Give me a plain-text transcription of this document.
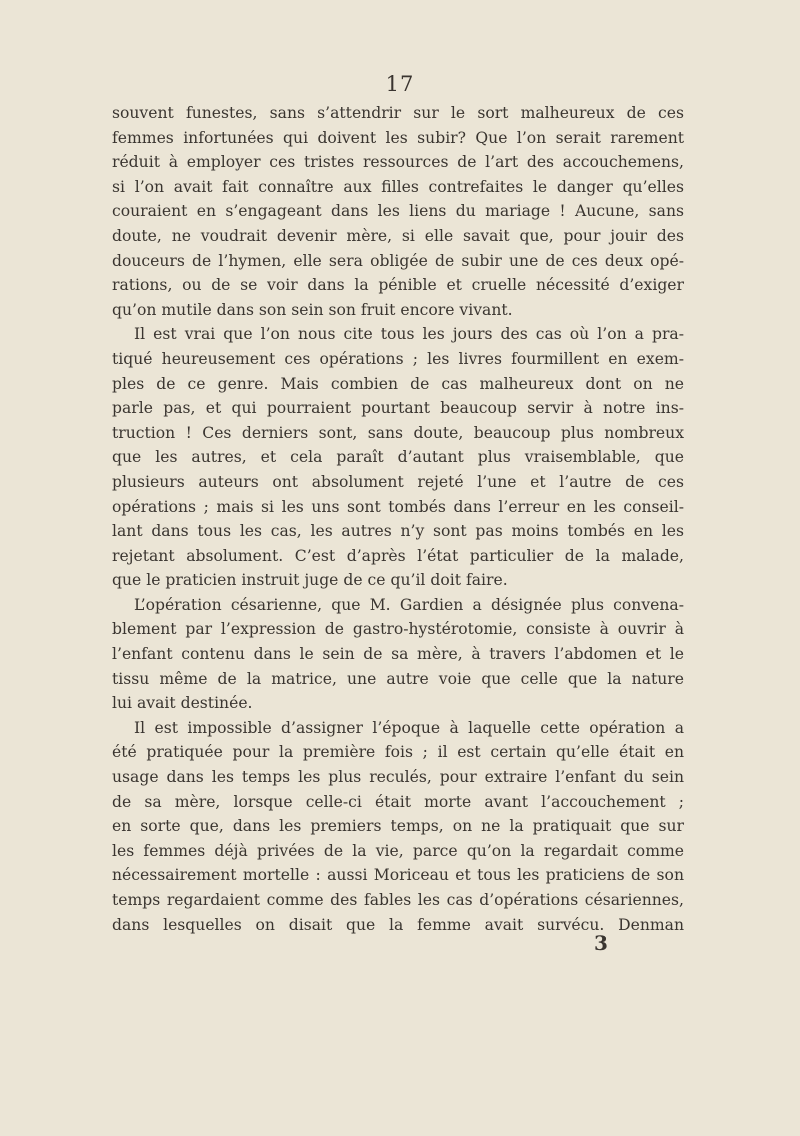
17
souvent funestes, sans s’attendrir sur le sort malheureux de ces
femmes infortunées qui doivent les subir? Que l’on serait rarement
réduit à employer ces tristes ressources de l’art des accouchemens,
si l’on avait fait connaître aux filles contrefaites le danger qu’elles
couraient en s’engageant dans les liens du mariage ! Aucune, sans
doute, ne voudrait devenir mère, si elle savait que, pour jouir des
douceurs de l’hymen, elle sera obligée de subir une de ces deux opé-
rations, ou de se voir dans la pénible et cruelle nécessité d’exiger
qu’on mutile dans son sein son fruit encore vivant.
Il est vrai que l’on nous cite tous les jours des cas où l’on a pra-
tiqué heureusement ces opérations ; les livres fourmillent en exem-
ples de ce genre. Mais combien de cas malheureux dont on ne
parle pas, et qui pourraient pourtant beaucoup servir à notre ins-
truction ! Ces derniers sont, sans doute, beaucoup plus nombreux
que les autres, et cela paraît d’autant plus vraisemblable, que
plusieurs auteurs ont absolument rejeté l’une et l’autre de ces
opérations ; mais si les uns sont tombés dans l’erreur en les conseil-
lant dans tous les cas, les autres n’y sont pas moins tombés en les
rejetant absolument. C’est d’après l’état particulier de la malade,
que le praticien instruit juge de ce qu’il doit faire.
L’opération césarienne, que M. Gardien a désignée plus convena-
blement par l’expression de gastro-hystérotomie, consiste à ouvrir à
l’enfant contenu dans le sein de sa mère, à travers l’abdomen et le
tissu même de la matrice, une autre voie que celle que la nature
lui avait destinée.
Il est impossible d’assigner l’époque à laquelle cette opération a
été pratiquée pour la première fois ; il est certain qu’elle était en
usage dans les temps les plus reculés, pour extraire l’enfant du sein
de sa mère, lorsque celle-ci était morte avant l’accouchement ;
en sorte que, dans les premiers temps, on ne la pratiquait que sur
les femmes déjà privées de la vie, parce qu’on la regardait comme
nécessairement mortelle : aussi Moriceau et tous les praticiens de son
temps regardaient comme des fables les cas d’opérations césariennes,
dans lesquelles on disait que la femme avait survécu. Denman
3
